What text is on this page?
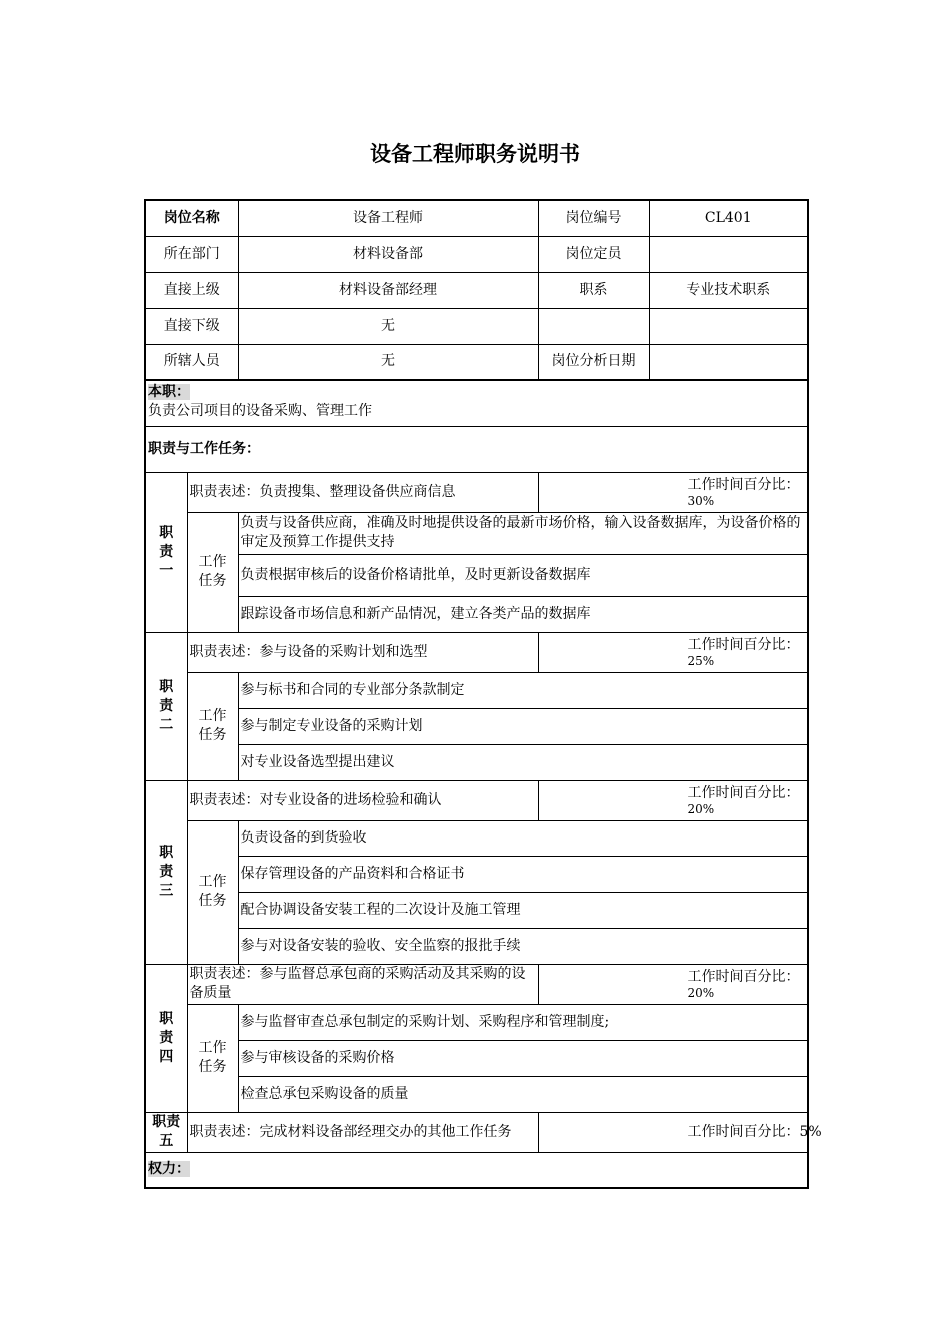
设备工程师职务说明书
岗位名称		设备工程师	岗位编号	CL401
所在部门		材料设备部	岗位定员	
直接上级		材料设备部经理	职系	专业技术职系
直接下级		无		
所辖人员		无	岗位分析日期	
本职：
负责公司项目的设备采购、管理工作				
职责与工作任务：				
职责一	职责表述：负责搜集、整理设备供应商信息		工作时间百分比：
30%	

	工作任务	负责与设备供应商，准确及时地提供设备的最新市场价格，输入设备数据库，为设备价格的审定及预算工作提供支持		
		负责根据审核后的设备价格请批单，及时更新设备数据库		
		跟踪设备市场信息和新产品情况，建立各类产品的数据库		
职责二	职责表述：参与设备的采购计划和选型		工作时间百分比：
25%	

	工作任务	参与标书和合同的专业部分条款制定		
		参与制定专业设备的采购计划		
		对专业设备选型提出建议		
职责三	职责表述：对专业设备的进场检验和确认		工作时间百分比：
20%	

	工作任务	负责设备的到货验收		
		保存管理设备的产品资料和合格证书		
		配合协调设备安装工程的二次设计及施工管理		
		参与对设备安装的验收、安全监察的报批手续		
职责四	职责表述：参与监督总承包商的采购活动及其采购的设备质量		工作时间百分比：
20%	

	工作任务	参与监督审查总承包制定的采购计划、采购程序和管理制度;		
		参与审核设备的采购价格		
		检查总承包采购设备的质量		
职责五	职责表述：完成材料设备部经理交办的其他工作任务		工作时间百分比：5%	
权力：				
